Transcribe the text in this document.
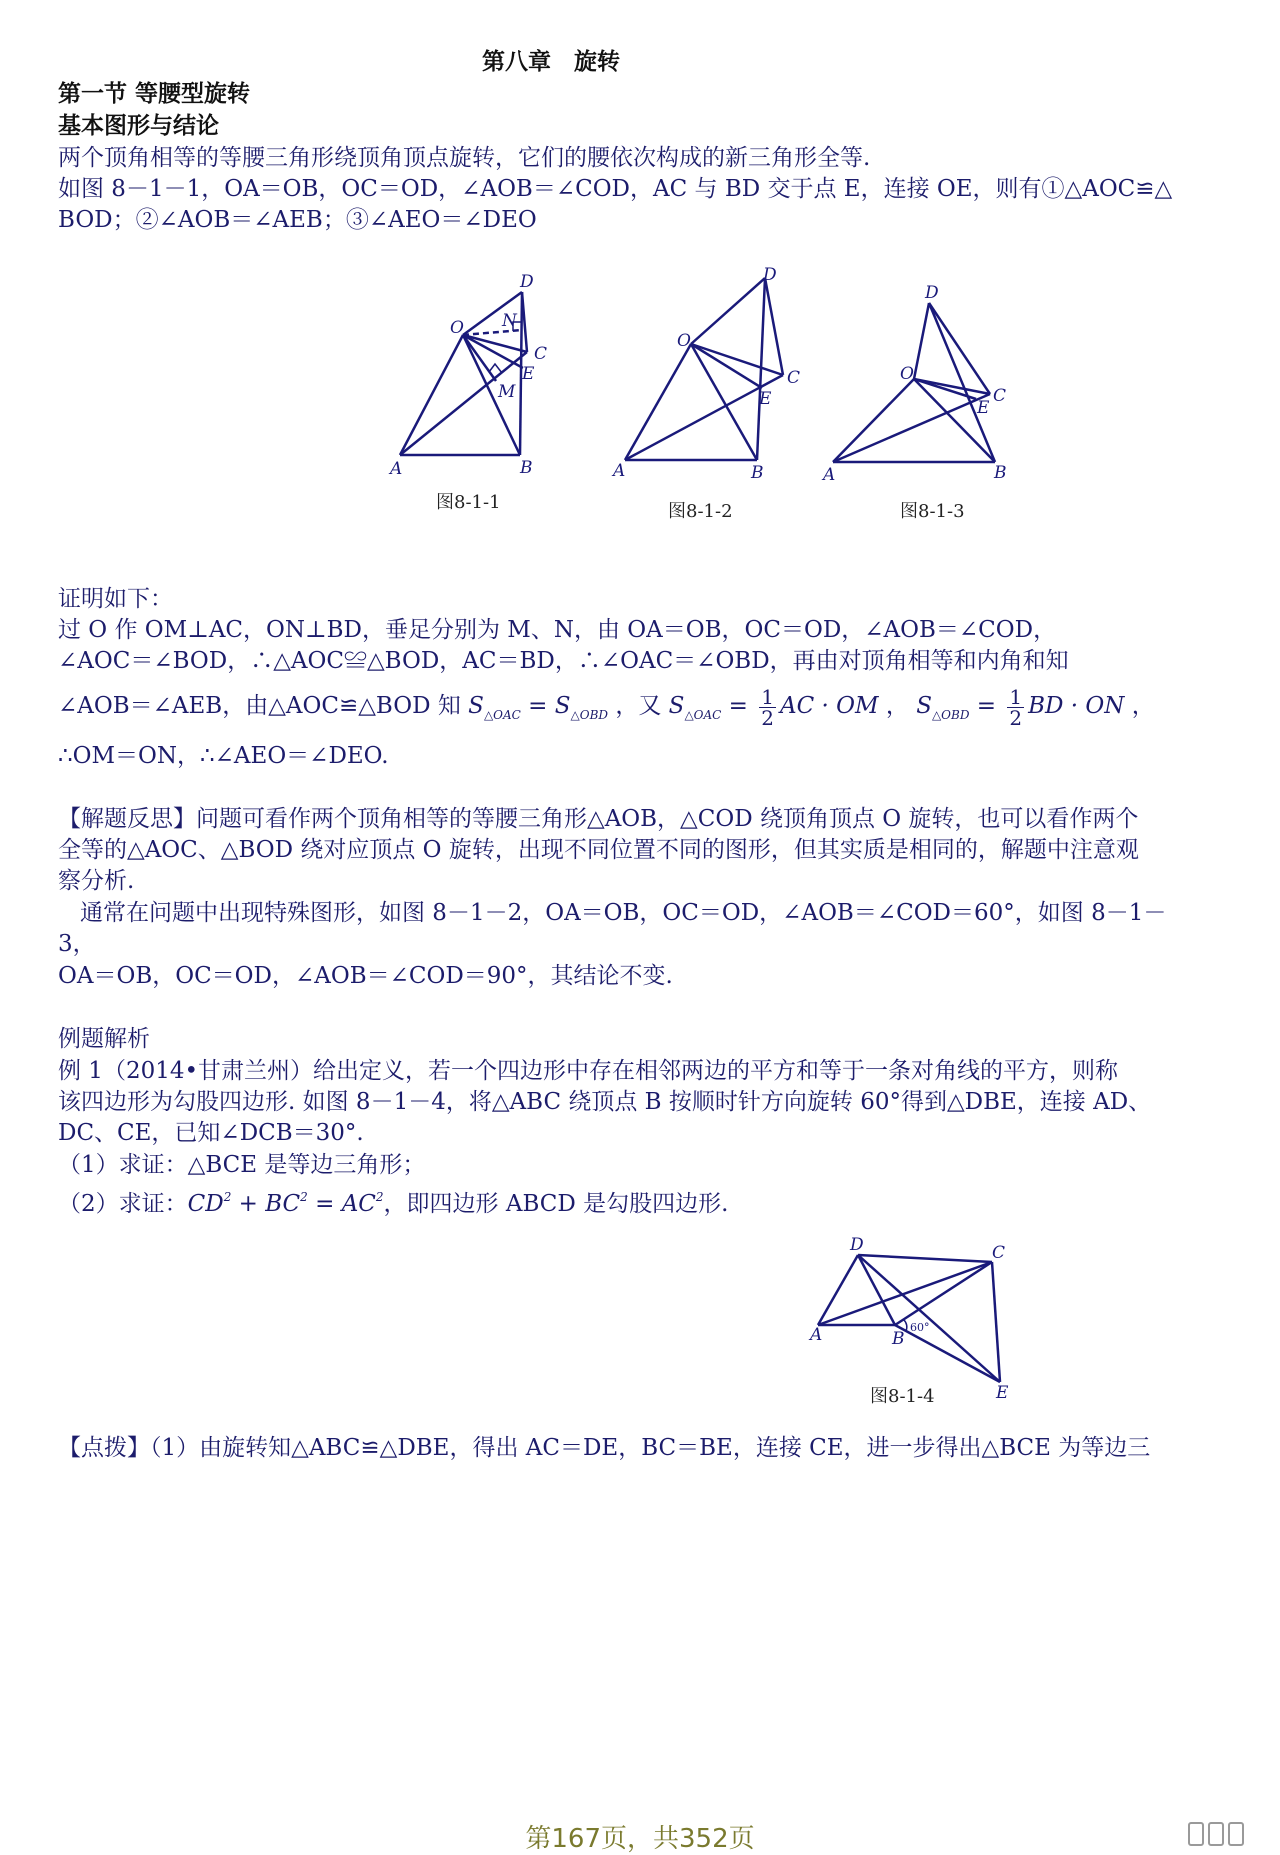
第八章　旋转
第一节 等腰型旋转
基本图形与结论
两个顶角相等的等腰三角形绕顶角顶点旋转，它们的腰依次构成的新三角形全等.
如图 8－1－1，OA＝OB，OC＝OD，∠AOB＝∠COD，AC 与 BD 交于点 E，连接 OE，则有①△AOC≌△
BOD；②∠AOB＝∠AEB；③∠AEO＝∠DEO
D
O N
C
E
M
A	B
图8-1-1
D
O
C
E
A	B
图8-1-2
D
O
C
E
A	B
图8-1-3
证明如下：
过 O 作 OM⊥AC，ON⊥BD，垂足分别为 M、N，由 OA＝OB，OC＝OD，∠AOB＝∠COD，
∠AOC＝∠BOD，∴△AOC≌△BOD，AC＝BD，∴∠OAC＝∠OBD，再由对顶角相等和内角和知
∠AOB＝∠AEB，由△AOC≌△BOD 知 $S_{\triangle OAC} = S_{\triangle OBD}$ ，又 $S_{\triangle OAC} = \frac{1}{2}$ AC · OM ， $S_{\triangle OBD} = \frac{1}{2}$ BD · ON ，
∴OM＝ON，∴∠AEO＝∠DEO.
【解题反思】问题可看作两个顶角相等的等腰三角形△AOB，△COD 绕顶角顶点 O 旋转，也可以看作两个
全等的△AOC、△BOD 绕对应顶点 O 旋转，出现不同位置不同的图形，但其实质是相同的，解题中注意观
察分析.
通常在问题中出现特殊图形，如图 8－1－2，OA＝OB，OC＝OD，∠AOB＝∠COD＝60°，如图 8－1－
3，
OA＝OB，OC＝OD，∠AOB＝∠COD＝90°，其结论不变.
例题解析
例 1（2014•甘肃兰州）给出定义，若一个四边形中存在相邻两边的平方和等于一条对角线的平方，则称
该四边形为勾股四边形. 如图 8－1－4，将△ABC 绕顶点 B 按顺时针方向旋转 60°得到△DBE，连接 AD、
DC、CE，已知∠DCB＝30°.
（1）求证：△BCE 是等边三角形；
（2）求证：$CD^2 + BC^2 = AC^2$，即四边形 ABCD 是勾股四边形.
D	C
A	B
E
60°
图8-1-4
【点拨】（1）由旋转知△ABC≌△DBE，得出 AC＝DE，BC＝BE，连接 CE，进一步得出△BCE 为等边三
第167页，共352页
